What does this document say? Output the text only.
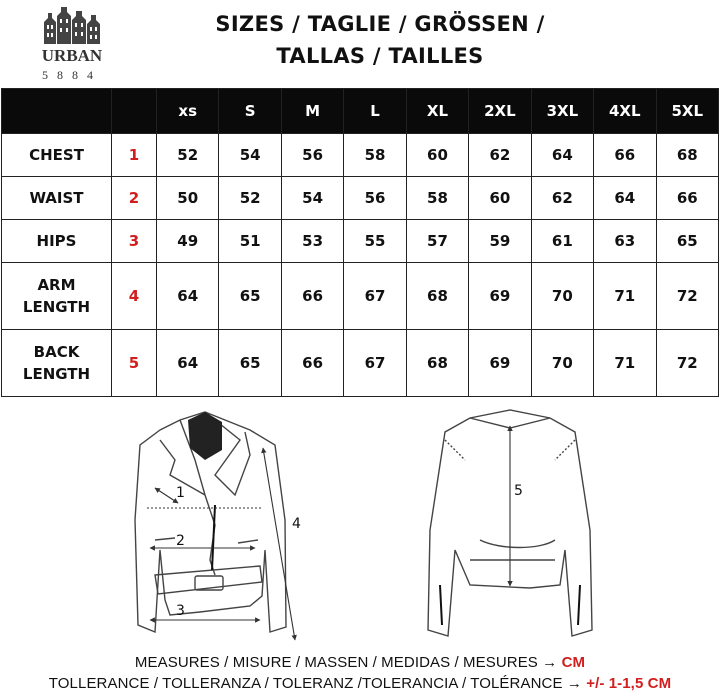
URBAN
5884
SIZES / TAGLIE / GRÖSSEN /
TALLAS / TAILLES
		xs	S	M	L	XL	2XL	3XL	4XL	5XL

CHEST	1	52	54	56	58	60	62	64	66	68

WAIST	2	50	52	54	56	58	60	62	64	66

HIPS	3	49	51	53	55	57	59	61	63	65

ARM
LENGTH	4	64	65	66	67	68	69	70	71	72

BACK
LENGTH	5	64	65	66	67	68	69	70	71	72
1
2
3
4
5
MEASURES / MISURE / MASSEN / MEDIDAS / MESURES → CM
TOLLERANCE / TOLLERANZA / TOLERANZ /TOLERANCIA / TOLÉRANCE → +/- 1-1,5 CM
